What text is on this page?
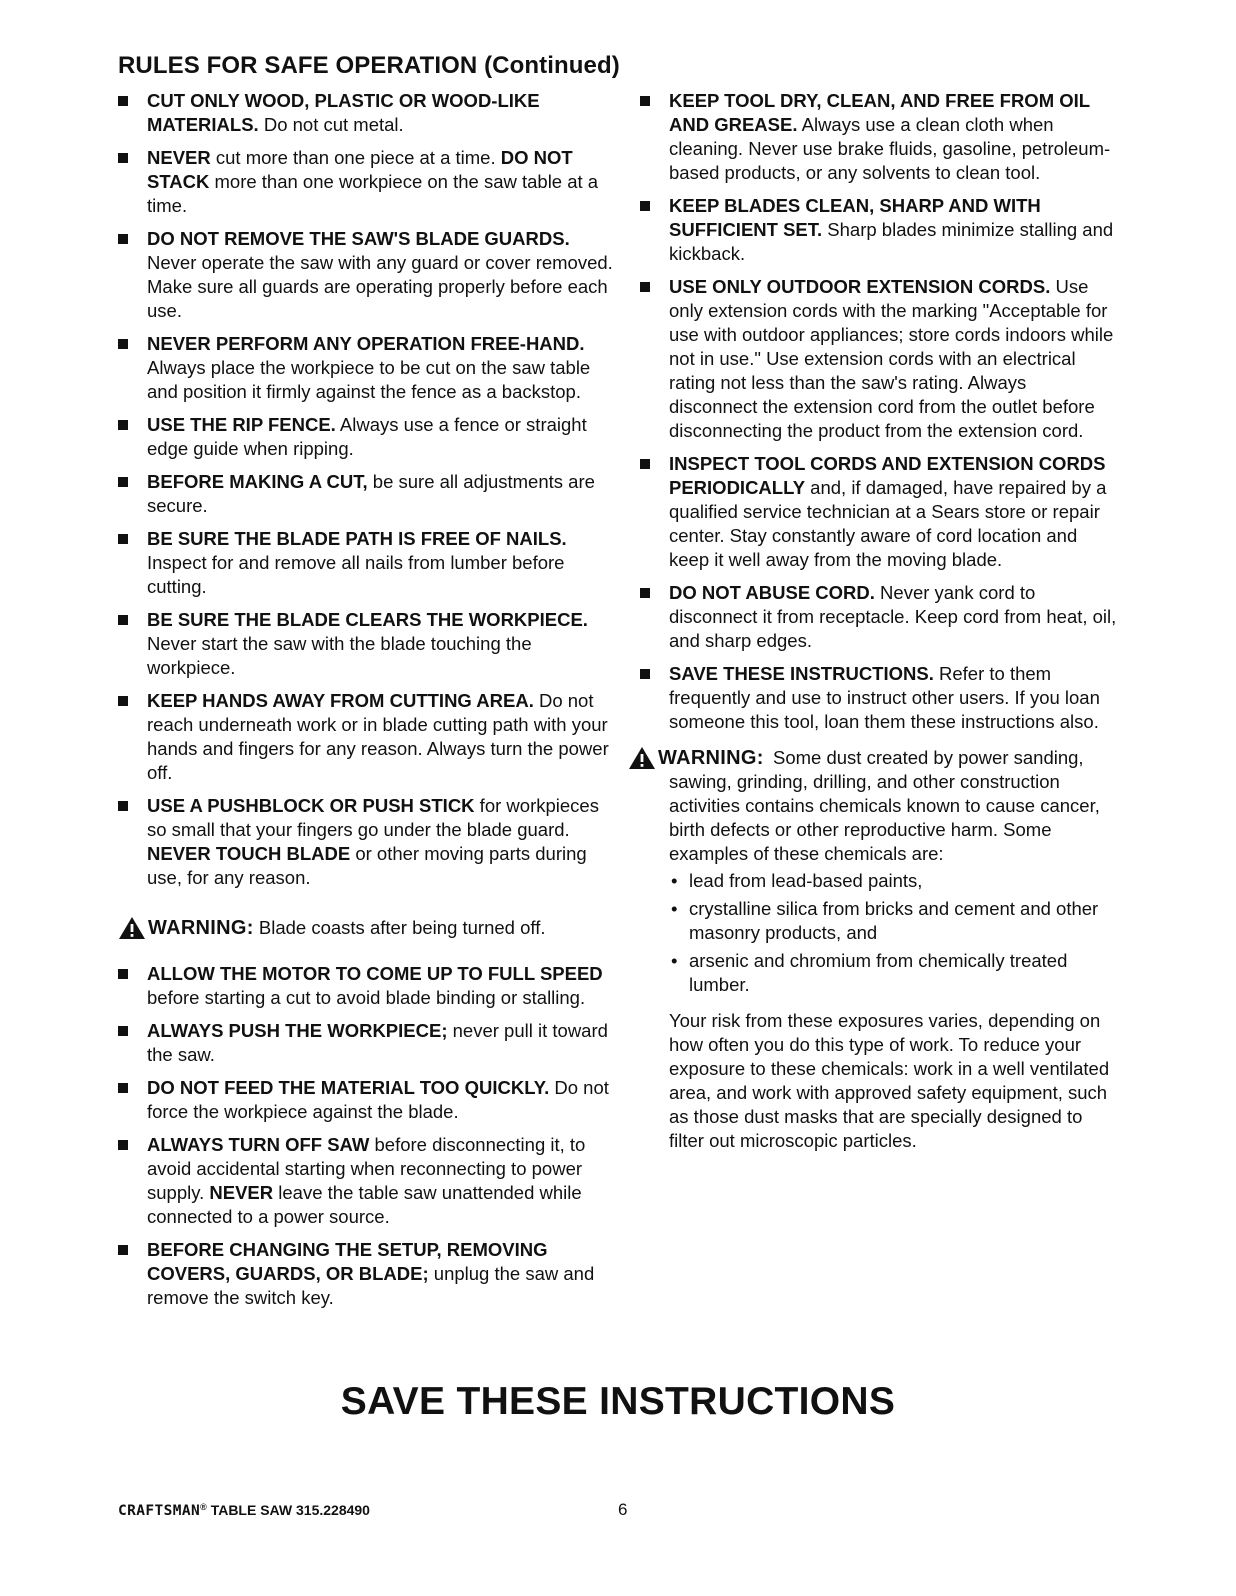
RULES FOR SAFE OPERATION (Continued)
CUT ONLY WOOD, PLASTIC OR WOOD-LIKE MATERIALS. Do not cut metal.
NEVER cut more than one piece at a time. DO NOT STACK more than one workpiece on the saw table at a time.
DO NOT REMOVE THE SAW'S BLADE GUARDS. Never operate the saw with any guard or cover removed. Make sure all guards are operating properly before each use.
NEVER PERFORM ANY OPERATION FREE-HAND. Always place the workpiece to be cut on the saw table and position it firmly against the fence as a backstop.
USE THE RIP FENCE. Always use a fence or straight edge guide when ripping.
BEFORE MAKING A CUT, be sure all adjustments are secure.
BE SURE THE BLADE PATH IS FREE OF NAILS. Inspect for and remove all nails from lumber before cutting.
BE SURE THE BLADE CLEARS THE WORKPIECE. Never start the saw with the blade touching the workpiece.
KEEP HANDS AWAY FROM CUTTING AREA. Do not reach underneath work or in blade cutting path with your hands and fingers for any reason. Always turn the power off.
USE A PUSHBLOCK OR PUSH STICK for workpieces so small that your fingers go under the blade guard. NEVER TOUCH BLADE or other moving parts during use, for any reason.
WARNING: Blade coasts after being turned off.
ALLOW THE MOTOR TO COME UP TO FULL SPEED before starting a cut to avoid blade binding or stalling.
ALWAYS PUSH THE WORKPIECE; never pull it toward the saw.
DO NOT FEED THE MATERIAL TOO QUICKLY. Do not force the workpiece against the blade.
ALWAYS TURN OFF SAW before disconnecting it, to avoid accidental starting when reconnecting to power supply. NEVER leave the table saw unattended while connected to a power source.
BEFORE CHANGING THE SETUP, REMOVING COVERS, GUARDS, OR BLADE; unplug the saw and remove the switch key.
KEEP TOOL DRY, CLEAN, AND FREE FROM OIL AND GREASE. Always use a clean cloth when cleaning. Never use brake fluids, gasoline, petroleum-based products, or any solvents to clean tool.
KEEP BLADES CLEAN, SHARP AND WITH SUFFICIENT SET. Sharp blades minimize stalling and kickback.
USE ONLY OUTDOOR EXTENSION CORDS. Use only extension cords with the marking "Acceptable for use with outdoor appliances; store cords indoors while not in use." Use extension cords with an electrical rating not less than the saw's rating. Always disconnect the extension cord from the outlet before disconnecting the product from the extension cord.
INSPECT TOOL CORDS AND EXTENSION CORDS PERIODICALLY and, if damaged, have repaired by a qualified service technician at a Sears store or repair center. Stay constantly aware of cord location and keep it well away from the moving blade.
DO NOT ABUSE CORD. Never yank cord to disconnect it from receptacle. Keep cord from heat, oil, and sharp edges.
SAVE THESE INSTRUCTIONS. Refer to them frequently and use to instruct other users. If you loan someone this tool, loan them these instructions also.
WARNING: Some dust created by power sanding, sawing, grinding, drilling, and other construction activities contains chemicals known to cause cancer, birth defects or other reproductive harm. Some examples of these chemicals are:
• lead from lead-based paints,
• crystalline silica from bricks and cement and other masonry products, and
• arsenic and chromium from chemically treated lumber.
Your risk from these exposures varies, depending on how often you do this type of work. To reduce your exposure to these chemicals: work in a well ventilated area, and work with approved safety equipment, such as those dust masks that are specially designed to filter out microscopic particles.
SAVE THESE INSTRUCTIONS
CRAFTSMAN® TABLE SAW 315.228490	6
